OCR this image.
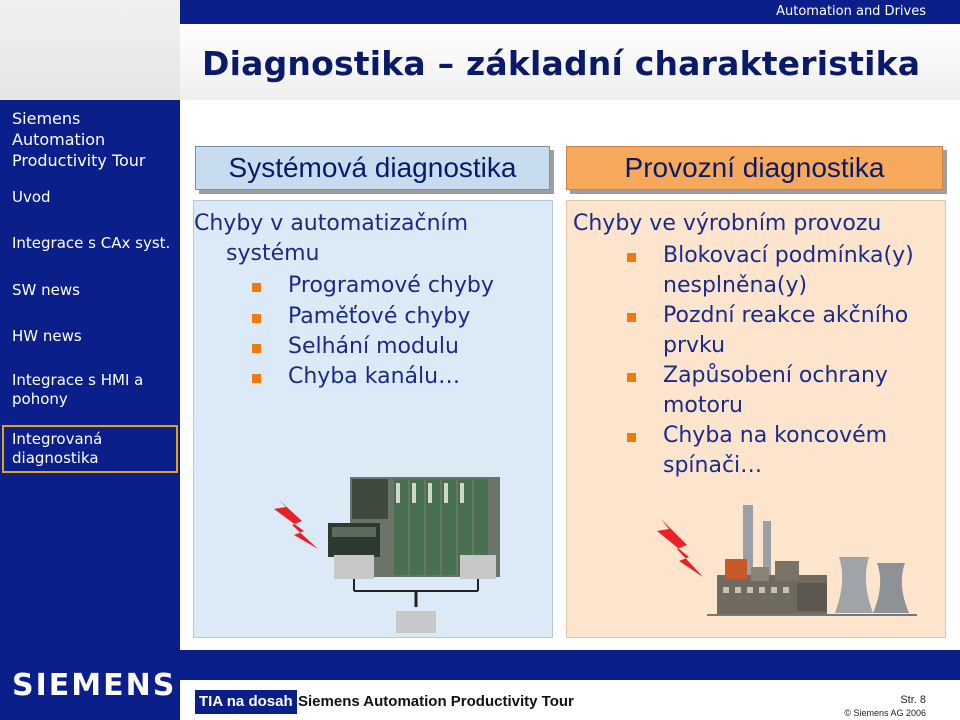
Diagnostika – základní charakteristika
Automation and Drives
Siemens
Automation
Productivity Tour
Uvod
Integrace s CAx syst.
SW news
HW news
Integrace s HMI a pohony
Integrovaná diagnostika
Chyby v automatizačním
systému
Programové chyby
Paměťové chyby
Selhání modulu
Chyba kanálu…
Systémová diagnostika
Chyby ve výrobním provozu
Blokovací podmínka(y)
nesplněna(y)
Pozdní reakce akčního
prvku
Zapůsobení ochrany
motoru
Chyba na koncovém
spínači…
Provozní diagnostika
SIEMENS TIA na dosah Siemens Automation Productivity Tour	Str. 8
© Siemens AG 2006
